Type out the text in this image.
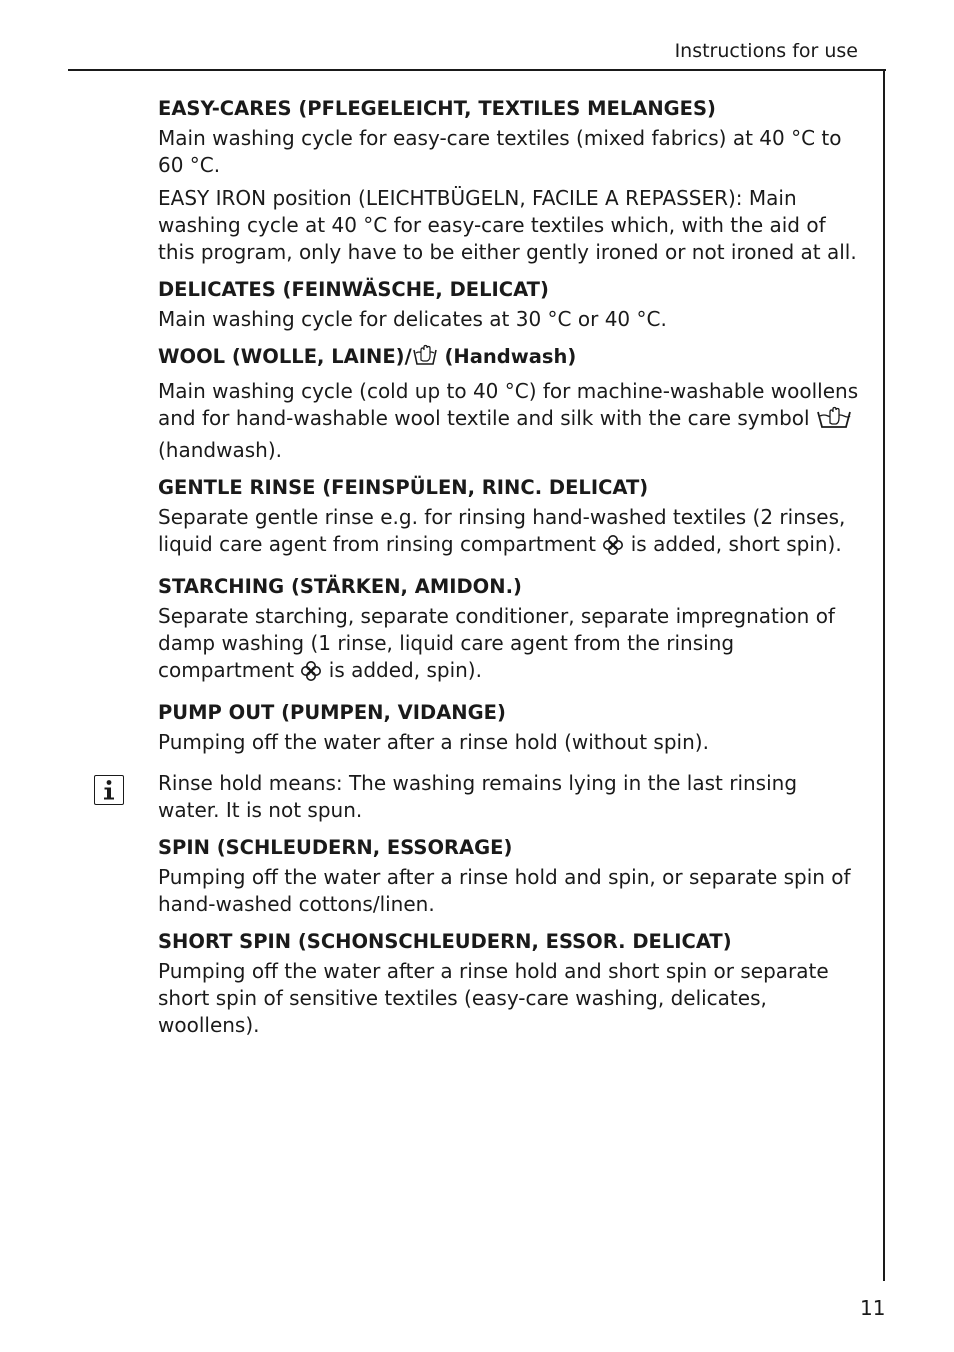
Instructions for use
EASY-CARES (PFLEGELEICHT, TEXTILES MELANGES)

Main washing cycle for easy-care textiles (mixed fabrics) at 40 °C to 60 °C.

EASY IRON position (LEICHTBÜGELN, FACILE A REPASSER): Main washing cycle at 40 °C for easy-care textiles which, with the aid of this program, only have to be either gently ironed or not ironed at all.

DELICATES (FEINWÄSCHE, DELICAT)

Main washing cycle for delicates at 30 °C or 40 °C.

WOOL (WOLLE, LAINE)/ (Handwash)

Main washing cycle (cold up to 40 °C) for machine-washable woollens and for hand-washable wool textile and silk with the care symbol  (handwash).

GENTLE RINSE (FEINSPÜLEN, RINC. DELICAT)

Separate gentle rinse e.g. for rinsing hand-washed textiles (2 rinses, liquid care agent from rinsing compartment is added, short spin).

STARCHING (STÄRKEN, AMIDON.)

Separate starching, separate conditioner, separate impregnation of damp washing (1 rinse, liquid care agent from the rinsing compartment is added, spin).

PUMP OUT (PUMPEN, VIDANGE)

Pumping off the water after a rinse hold (without spin).

Rinse hold means: The washing remains lying in the last rinsing water. It is not spun.

SPIN (SCHLEUDERN, ESSORAGE)

Pumping off the water after a rinse hold and spin, or separate spin of hand-washed cottons/linen.

SHORT SPIN (SCHONSCHLEUDERN, ESSOR. DELICAT)

Pumping off the water after a rinse hold and short spin or separate short spin of sensitive textiles (easy-care washing, delicates, woollens).

11
